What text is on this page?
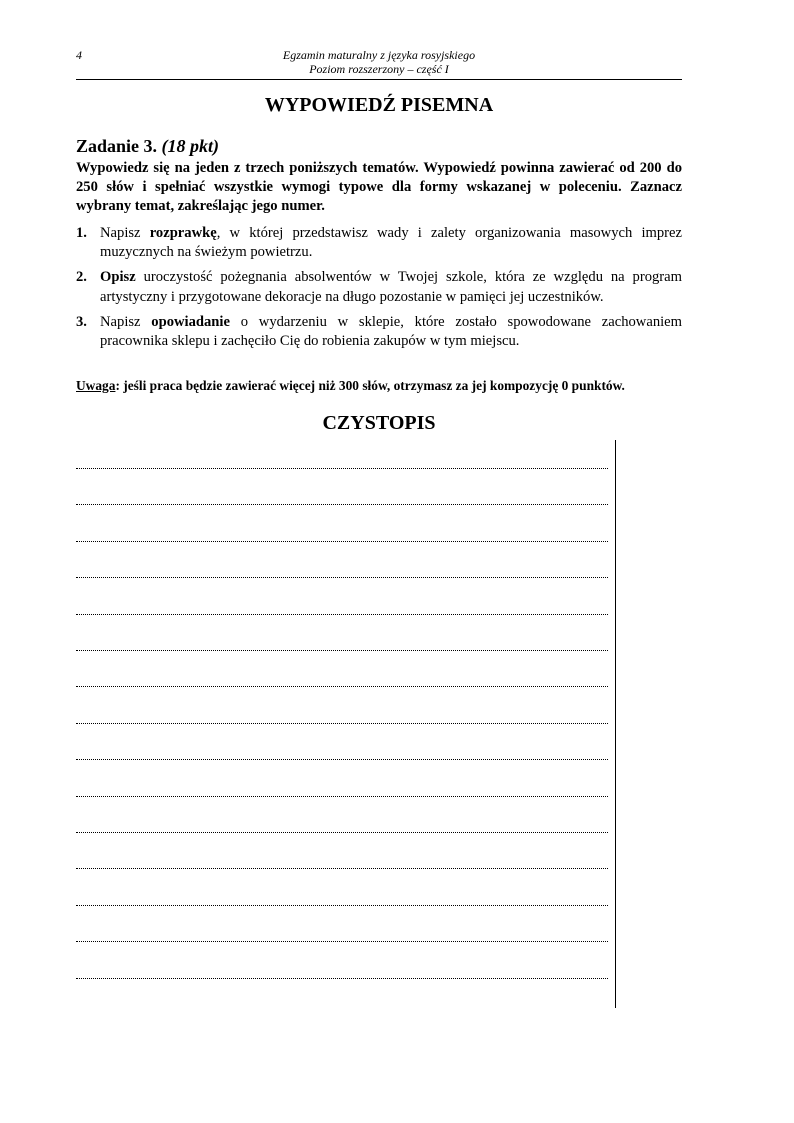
4	Egzamin maturalny z języka rosyjskiego
Poziom rozszerzony – część I
WYPOWIEDŹ PISEMNA
Zadanie 3. (18 pkt)
Wypowiedz się na jeden z trzech poniższych tematów. Wypowiedź powinna zawierać od 200 do 250 słów i spełniać wszystkie wymogi typowe dla formy wskazanej w poleceniu. Zaznacz wybrany temat, zakreślając jego numer.
1. Napisz rozprawkę, w której przedstawisz wady i zalety organizowania masowych imprez muzycznych na świeżym powietrzu.
2. Opisz uroczystość pożegnania absolwentów w Twojej szkole, która ze względu na program artystyczny i przygotowane dekoracje na długo pozostanie w pamięci jej uczestników.
3. Napisz opowiadanie o wydarzeniu w sklepie, które zostało spowodowane zachowaniem pracownika sklepu i zachęciło Cię do robienia zakupów w tym miejscu.
Uwaga: jeśli praca będzie zawierać więcej niż 300 słów, otrzymasz za jej kompozycję 0 punktów.
CZYSTOPIS
